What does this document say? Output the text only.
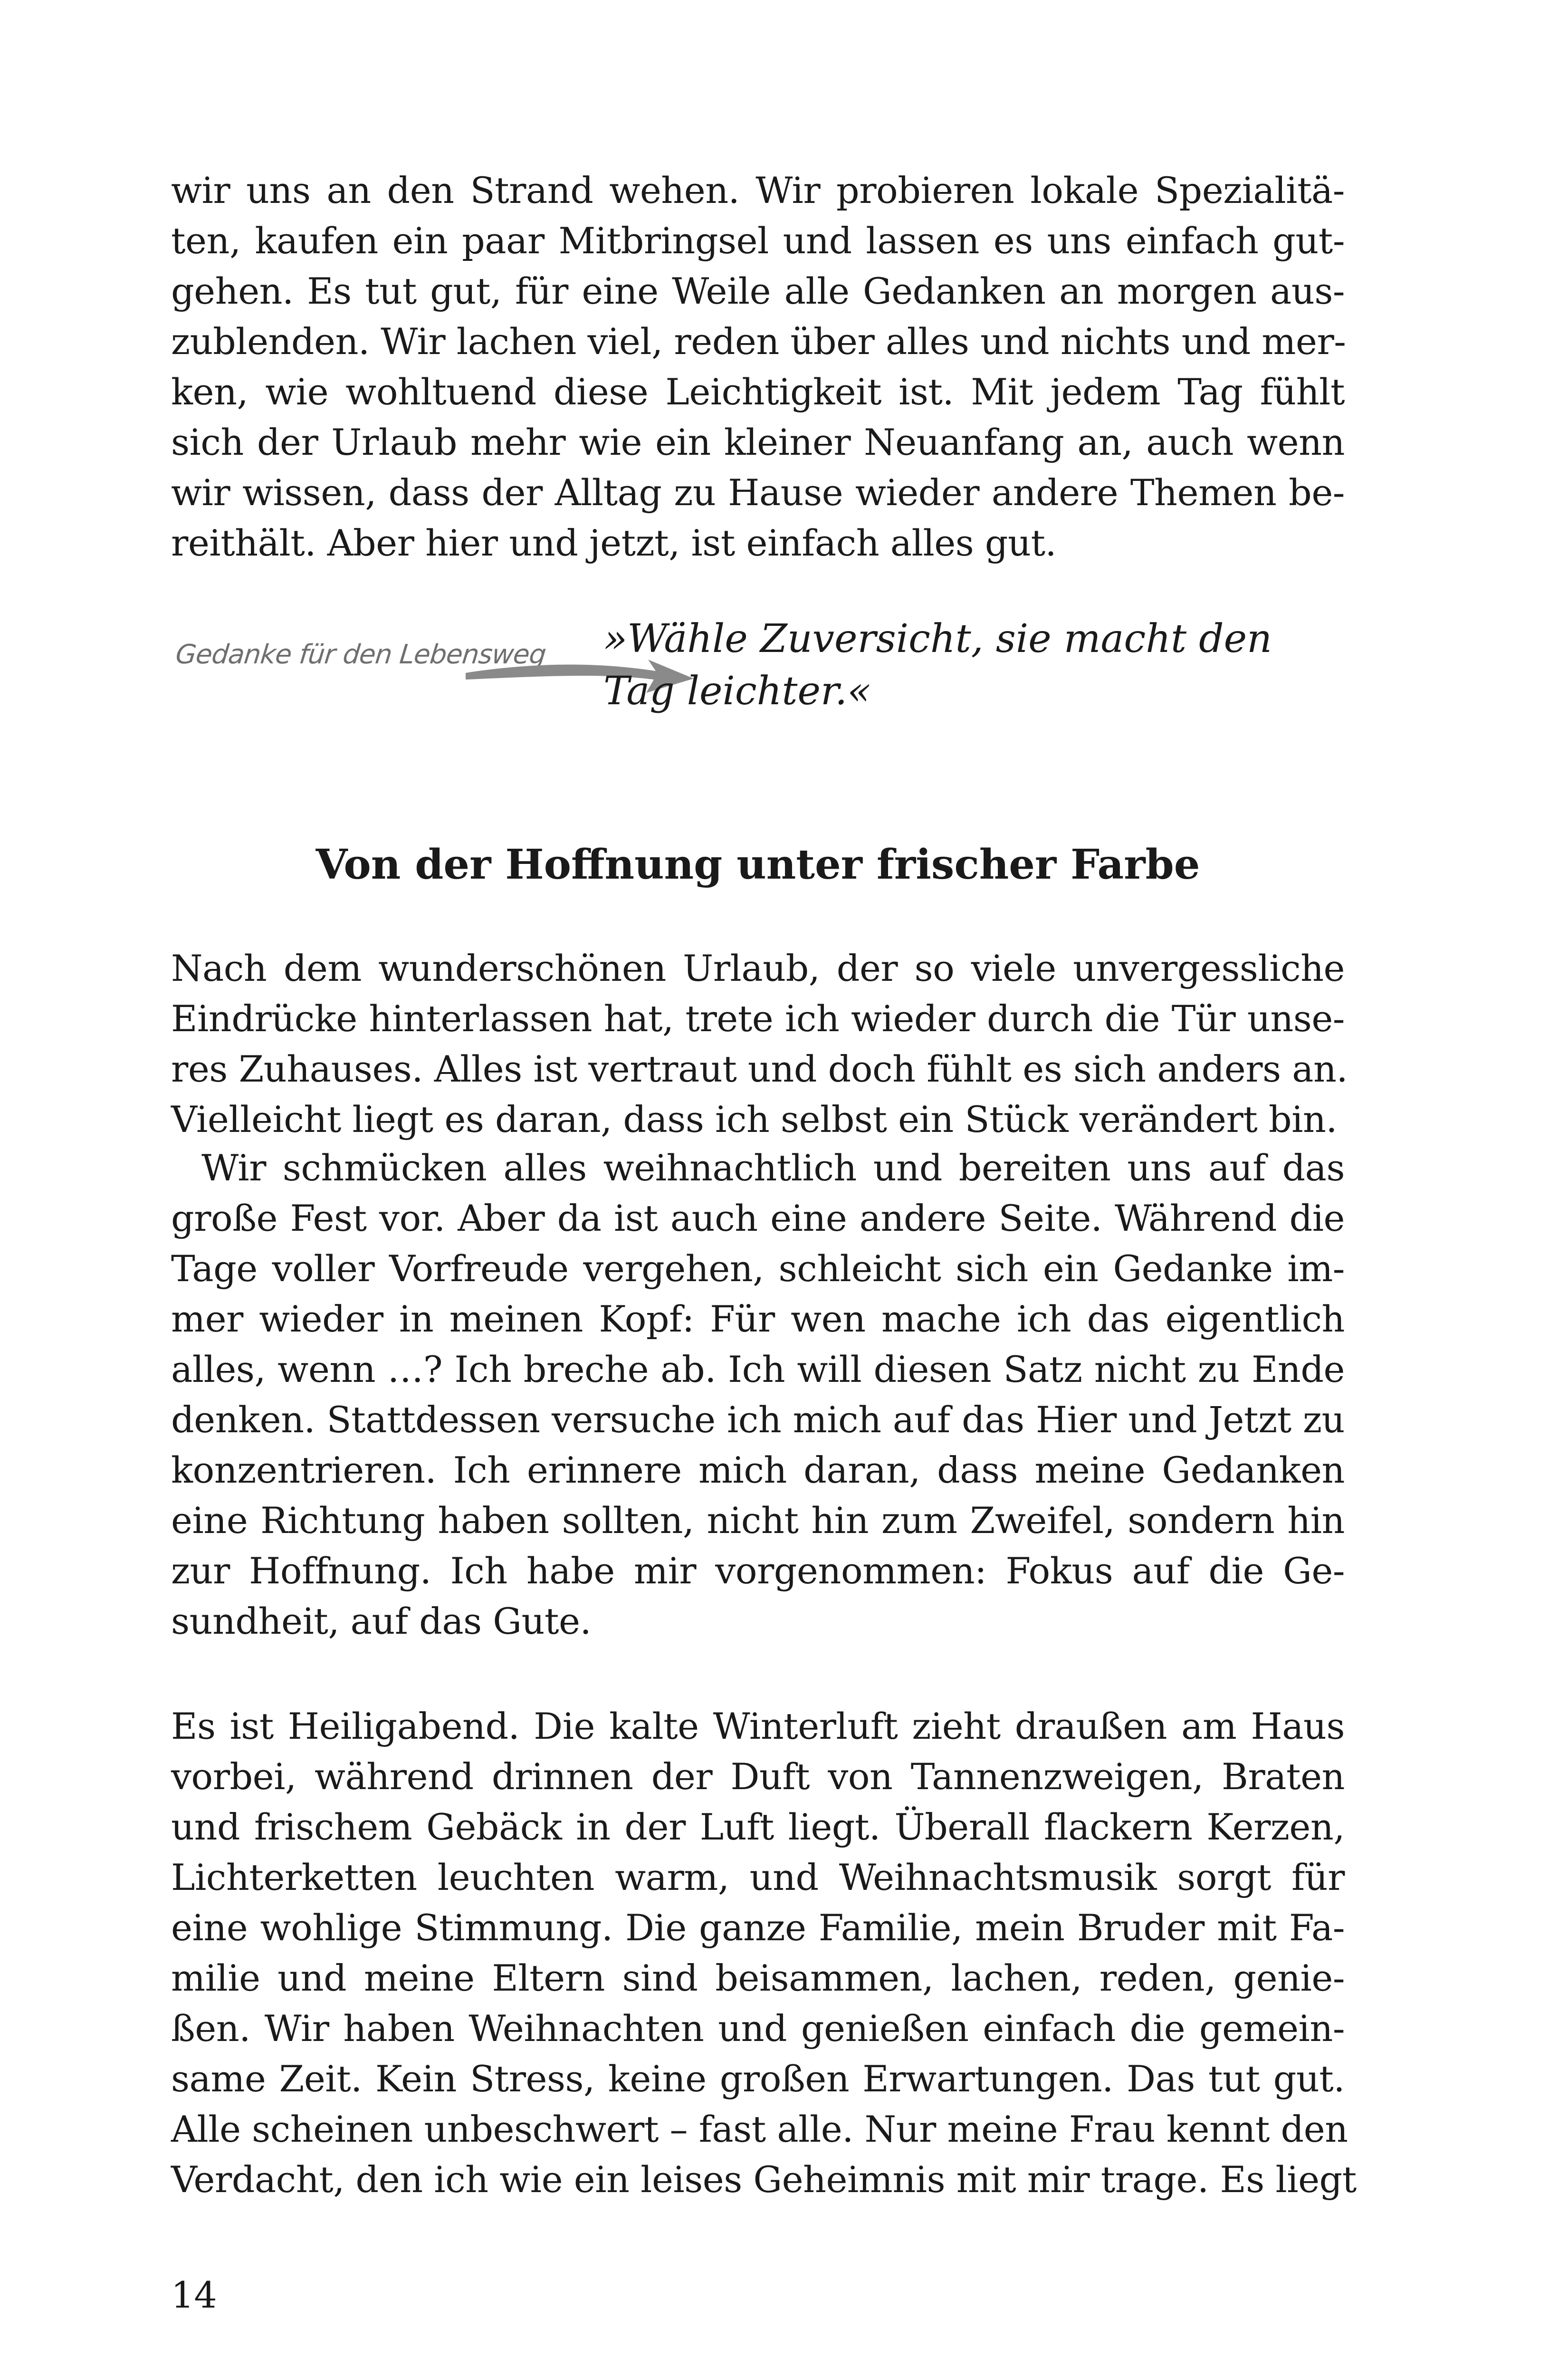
wir uns an den Strand wehen. Wir probieren lokale Spezialitä-
ten, kaufen ein paar Mitbringsel und lassen es uns einfach gut-
gehen. Es tut gut, für eine Weile alle Gedanken an morgen aus-
zublenden. Wir lachen viel, reden über alles und nichts und mer-
ken, wie wohltuend diese Leichtigkeit ist. Mit jedem Tag fühlt
sich der Urlaub mehr wie ein kleiner Neuanfang an, auch wenn
wir wissen, dass der Alltag zu Hause wieder andere Themen be-
reithält. Aber hier und jetzt, ist einfach alles gut.
Gedanke für den Lebensweg »Wähle Zuversicht, sie macht den
Tag leichter.«
Von der Hoffnung unter frischer Farbe
Nach dem wunderschönen Urlaub, der so viele unvergessliche
Eindrücke hinterlassen hat, trete ich wieder durch die Tür unse-
res Zuhauses. Alles ist vertraut und doch fühlt es sich anders an.
Vielleicht liegt es daran, dass ich selbst ein Stück verändert bin.
Wir schmücken alles weihnachtlich und bereiten uns auf das
große Fest vor. Aber da ist auch eine andere Seite. Während die
Tage voller Vorfreude vergehen, schleicht sich ein Gedanke im-
mer wieder in meinen Kopf: Für wen mache ich das eigentlich
alles, wenn …? Ich breche ab. Ich will diesen Satz nicht zu Ende
denken. Stattdessen versuche ich mich auf das Hier und Jetzt zu
konzentrieren. Ich erinnere mich daran, dass meine Gedanken
eine Richtung haben sollten, nicht hin zum Zweifel, sondern hin
zur Hoffnung. Ich habe mir vorgenommen: Fokus auf die Ge-
sundheit, auf das Gute.
Es ist Heiligabend. Die kalte Winterluft zieht draußen am Haus
vorbei, während drinnen der Duft von Tannenzweigen, Braten
und frischem Gebäck in der Luft liegt. Überall flackern Kerzen,
Lichterketten leuchten warm, und Weihnachtsmusik sorgt für
eine wohlige Stimmung. Die ganze Familie, mein Bruder mit Fa-
milie und meine Eltern sind beisammen, lachen, reden, genie-
ßen. Wir haben Weihnachten und genießen einfach die gemein-
same Zeit. Kein Stress, keine großen Erwartungen. Das tut gut.
Alle scheinen unbeschwert – fast alle. Nur meine Frau kennt den
Verdacht, den ich wie ein leises Geheimnis mit mir trage. Es liegt
14
